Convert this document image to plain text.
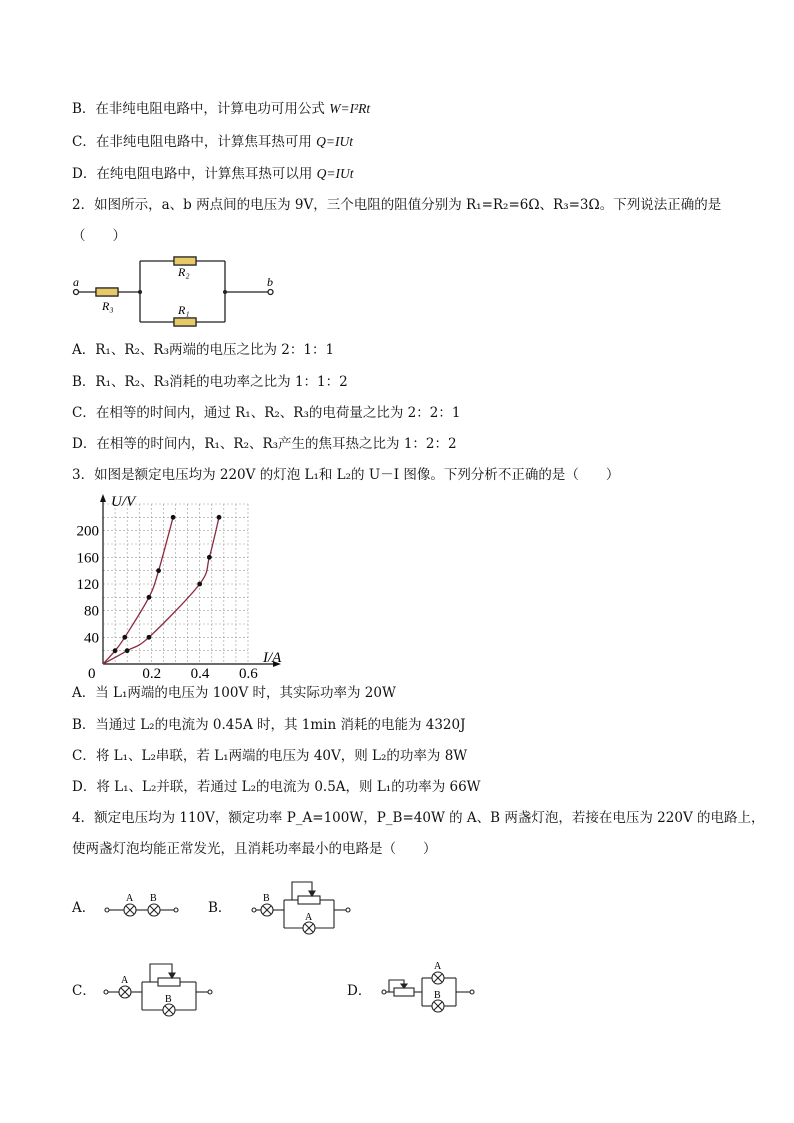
B．在非纯电阻电路中，计算电功可用公式 W=I²Rt
C．在非纯电阻电路中，计算焦耳热可用 Q=IUt
D．在纯电阻电路中，计算焦耳热可以用 Q=IUt
2．如图所示，a、b 两点间的电压为 9V，三个电阻的阻值分别为 R₁=R₂=6Ω、R₃=3Ω。下列说法正确的是
（　　）
a	b
R₃
R₂
R₁
A．R₁、R₂、R₃两端的电压之比为 2：1：1
B．R₁、R₂、R₃消耗的电功率之比为 1：1：2
C．在相等的时间内，通过 R₁、R₂、R₃的电荷量之比为 2：2：1
D．在相等的时间内，R₁、R₂、R₃产生的焦耳热之比为 1：2：2
3．如图是额定电压均为 220V 的灯泡 L₁和 L₂的 U－I 图像。下列分析不正确的是（　　）
0	0.2 0.4 0.6
40
80
120
160
200
I/A
U/V
A．当 L₁两端的电压为 100V 时，其实际功率为 20W
B．当通过 L₂的电流为 0.45A 时，其 1min 消耗的电能为 4320J
C．将 L₁、L₂串联，若 L₁两端的电压为 40V，则 L₂的功率为 8W
D．将 L₁、L₂并联，若通过 L₂的电流为 0.5A，则 L₁的功率为 66W
4．额定电压均为 110V，额定功率 P_A=100W，P_B=40W 的 A、B 两盏灯泡，若接在电压为 220V 的电路上，
使两盏灯泡均能正常发光，且消耗功率最小的电路是（　　）
A．
A B
B．
B
A
C．
A
B
D．
A
B
